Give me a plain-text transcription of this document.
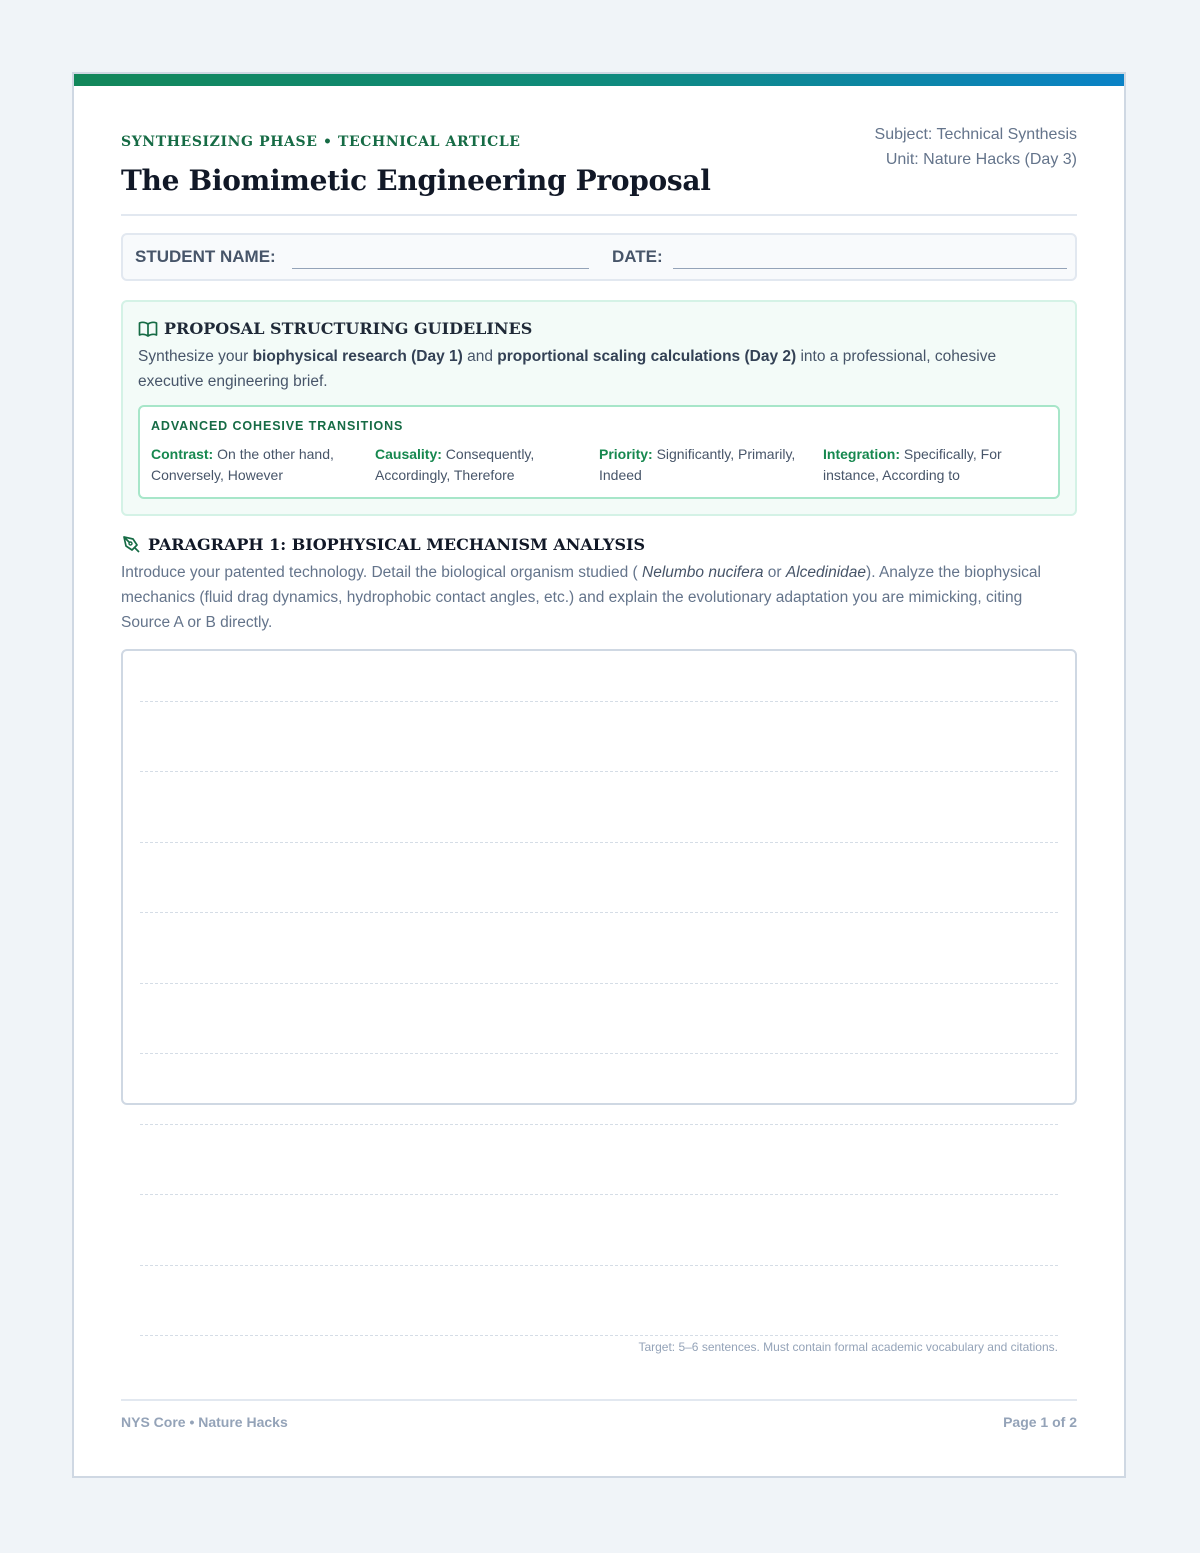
SYNTHESIZING PHASE • TECHNICAL ARTICLE
The Biomimetic Engineering Proposal
Subject: Technical Synthesis
Unit: Nature Hacks (Day 3)
STUDENT NAME:	DATE:
PROPOSAL STRUCTURING GUIDELINES
Synthesize your biophysical research (Day 1) and proportional scaling calculations (Day 2) into a professional, cohesive executive engineering brief.
ADVANCED COHESIVE TRANSITIONS
Contrast: On the other hand, Conversely, However
Causality: Consequently, Accordingly, Therefore
Priority: Significantly, Primarily, Indeed
Integration: Specifically, For instance, According to
PARAGRAPH 1: BIOPHYSICAL MECHANISM ANALYSIS
Introduce your patented technology. Detail the biological organism studied ( Nelumbo nucifera or Alcedinidae). Analyze the biophysical mechanics (fluid drag dynamics, hydrophobic contact angles, etc.) and explain the evolutionary adaptation you are mimicking, citing Source A or B directly.
Target: 5–6 sentences. Must contain formal academic vocabulary and citations.
NYS Core • Nature Hacks	Page 1 of 2
